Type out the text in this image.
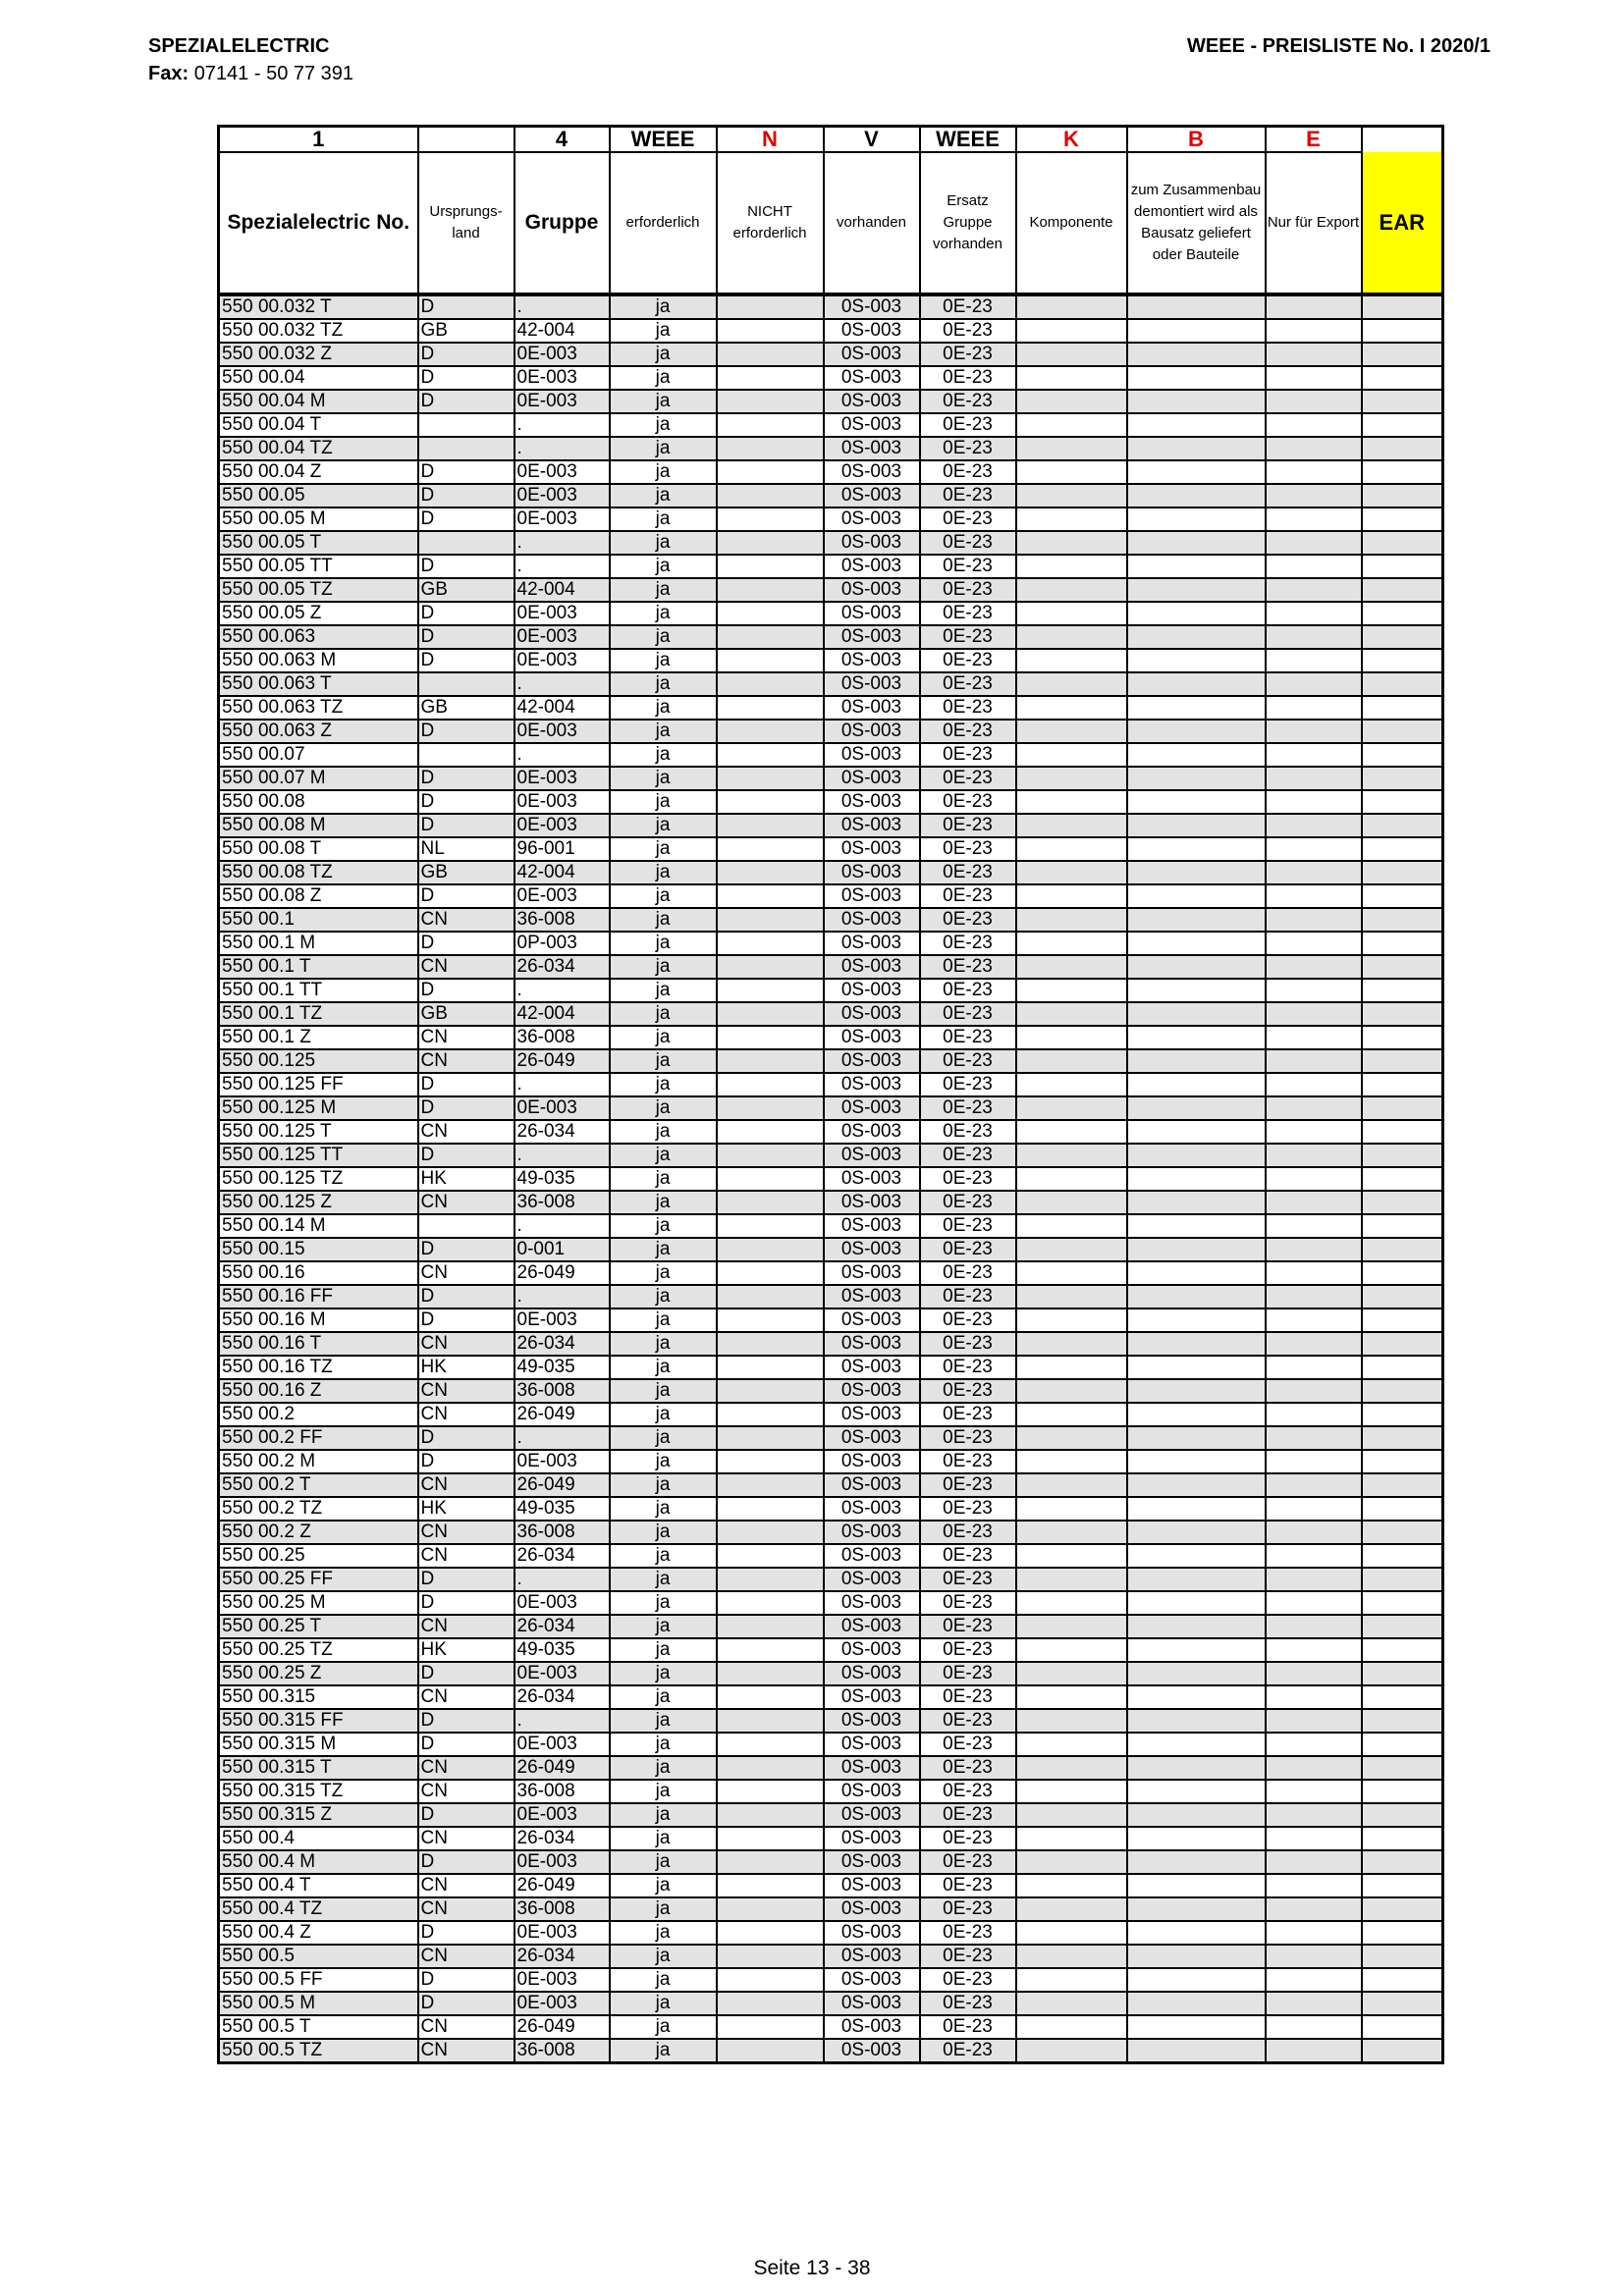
SPEZIALELECTRIC
Fax: 07141 - 50 77 391
WEEE - PREISLISTE No. I 2020/1
1		4	WEEE	N	V	WEEE	K	B	E	
Spezialelectric No.	Ursprungs-land	Gruppe	erforderlich	NICHT erforderlich	vorhanden	Ersatz Gruppe vorhanden	Komponente	zum Zusammenbau demontiert wird als Bausatz geliefert oder Bauteile	Nur für Export	EAR
550 00.032 T	D	.	ja		0S-003	0E-23				
550 00.032 TZ	GB	42-004	ja		0S-003	0E-23				
550 00.032 Z	D	0E-003	ja		0S-003	0E-23				
550 00.04	D	0E-003	ja		0S-003	0E-23				
550 00.04 M	D	0E-003	ja		0S-003	0E-23				
550 00.04 T		.	ja		0S-003	0E-23				
550 00.04 TZ		.	ja		0S-003	0E-23				
550 00.04 Z	D	0E-003	ja		0S-003	0E-23				
550 00.05	D	0E-003	ja		0S-003	0E-23				
550 00.05 M	D	0E-003	ja		0S-003	0E-23				
550 00.05 T		.	ja		0S-003	0E-23				
550 00.05 TT	D	.	ja		0S-003	0E-23				
550 00.05 TZ	GB	42-004	ja		0S-003	0E-23				
550 00.05 Z	D	0E-003	ja		0S-003	0E-23				
550 00.063	D	0E-003	ja		0S-003	0E-23				
550 00.063 M	D	0E-003	ja		0S-003	0E-23				
550 00.063 T		.	ja		0S-003	0E-23				
550 00.063 TZ	GB	42-004	ja		0S-003	0E-23				
550 00.063 Z	D	0E-003	ja		0S-003	0E-23				
550 00.07		.	ja		0S-003	0E-23				
550 00.07 M	D	0E-003	ja		0S-003	0E-23				
550 00.08	D	0E-003	ja		0S-003	0E-23				
550 00.08 M	D	0E-003	ja		0S-003	0E-23				
550 00.08 T	NL	96-001	ja		0S-003	0E-23				
550 00.08 TZ	GB	42-004	ja		0S-003	0E-23				
550 00.08 Z	D	0E-003	ja		0S-003	0E-23				
550 00.1	CN	36-008	ja		0S-003	0E-23				
550 00.1 M	D	0P-003	ja		0S-003	0E-23				
550 00.1 T	CN	26-034	ja		0S-003	0E-23				
550 00.1 TT	D	.	ja		0S-003	0E-23				
550 00.1 TZ	GB	42-004	ja		0S-003	0E-23				
550 00.1 Z	CN	36-008	ja		0S-003	0E-23				
550 00.125	CN	26-049	ja		0S-003	0E-23				
550 00.125 FF	D	.	ja		0S-003	0E-23				
550 00.125 M	D	0E-003	ja		0S-003	0E-23				
550 00.125 T	CN	26-034	ja		0S-003	0E-23				
550 00.125 TT	D	.	ja		0S-003	0E-23				
550 00.125 TZ	HK	49-035	ja		0S-003	0E-23				
550 00.125 Z	CN	36-008	ja		0S-003	0E-23				
550 00.14 M		.	ja		0S-003	0E-23				
550 00.15	D	0-001	ja		0S-003	0E-23				
550 00.16	CN	26-049	ja		0S-003	0E-23				
550 00.16 FF	D	.	ja		0S-003	0E-23				
550 00.16 M	D	0E-003	ja		0S-003	0E-23				
550 00.16 T	CN	26-034	ja		0S-003	0E-23				
550 00.16 TZ	HK	49-035	ja		0S-003	0E-23				
550 00.16 Z	CN	36-008	ja		0S-003	0E-23				
550 00.2	CN	26-049	ja		0S-003	0E-23				
550 00.2 FF	D	.	ja		0S-003	0E-23				
550 00.2 M	D	0E-003	ja		0S-003	0E-23				
550 00.2 T	CN	26-049	ja		0S-003	0E-23				
550 00.2 TZ	HK	49-035	ja		0S-003	0E-23				
550 00.2 Z	CN	36-008	ja		0S-003	0E-23				
550 00.25	CN	26-034	ja		0S-003	0E-23				
550 00.25 FF	D	.	ja		0S-003	0E-23				
550 00.25 M	D	0E-003	ja		0S-003	0E-23				
550 00.25 T	CN	26-034	ja		0S-003	0E-23				
550 00.25 TZ	HK	49-035	ja		0S-003	0E-23				
550 00.25 Z	D	0E-003	ja		0S-003	0E-23				
550 00.315	CN	26-034	ja		0S-003	0E-23				
550 00.315 FF	D	.	ja		0S-003	0E-23				
550 00.315 M	D	0E-003	ja		0S-003	0E-23				
550 00.315 T	CN	26-049	ja		0S-003	0E-23				
550 00.315 TZ	CN	36-008	ja		0S-003	0E-23				
550 00.315 Z	D	0E-003	ja		0S-003	0E-23				
550 00.4	CN	26-034	ja		0S-003	0E-23				
550 00.4 M	D	0E-003	ja		0S-003	0E-23				
550 00.4 T	CN	26-049	ja		0S-003	0E-23				
550 00.4 TZ	CN	36-008	ja		0S-003	0E-23				
550 00.4 Z	D	0E-003	ja		0S-003	0E-23				
550 00.5	CN	26-034	ja		0S-003	0E-23				
550 00.5 FF	D	0E-003	ja		0S-003	0E-23				
550 00.5 M	D	0E-003	ja		0S-003	0E-23				
550 00.5 T	CN	26-049	ja		0S-003	0E-23				
550 00.5 TZ	CN	36-008	ja		0S-003	0E-23				
Seite 13 - 38
